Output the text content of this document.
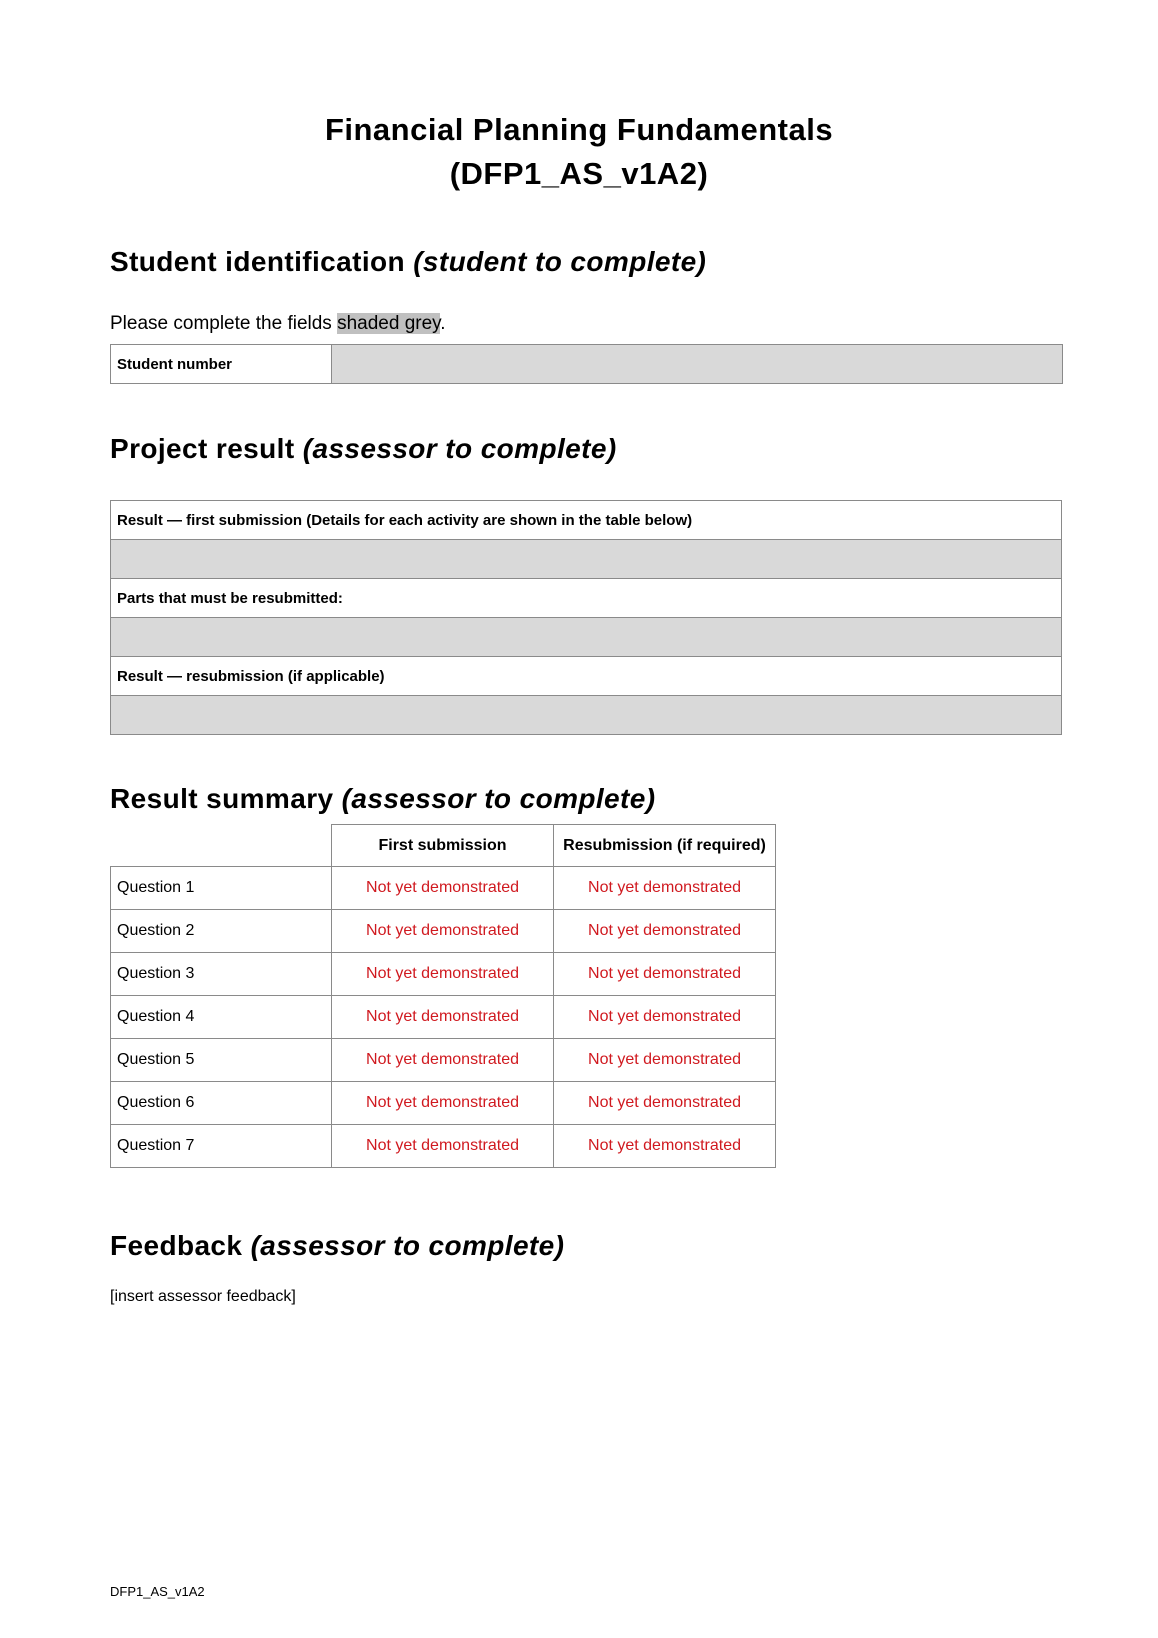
Financial Planning Fundamentals
(DFP1_AS_v1A2)
Student identification (student to complete)
Please complete the fields shaded grey.
Student number	
Project result (assessor to complete)
Result — first submission (Details for each activity are shown in the table below)

Parts that must be resubmitted:

Result — resubmission (if applicable)

Result summary (assessor to complete)
	First submission	Resubmission (if required)
Question 1	Not yet demonstrated	Not yet demonstrated
Question 2	Not yet demonstrated	Not yet demonstrated
Question 3	Not yet demonstrated	Not yet demonstrated
Question 4	Not yet demonstrated	Not yet demonstrated
Question 5	Not yet demonstrated	Not yet demonstrated
Question 6	Not yet demonstrated	Not yet demonstrated
Question 7	Not yet demonstrated	Not yet demonstrated
Feedback (assessor to complete)
[insert assessor feedback]
DFP1_AS_v1A2
